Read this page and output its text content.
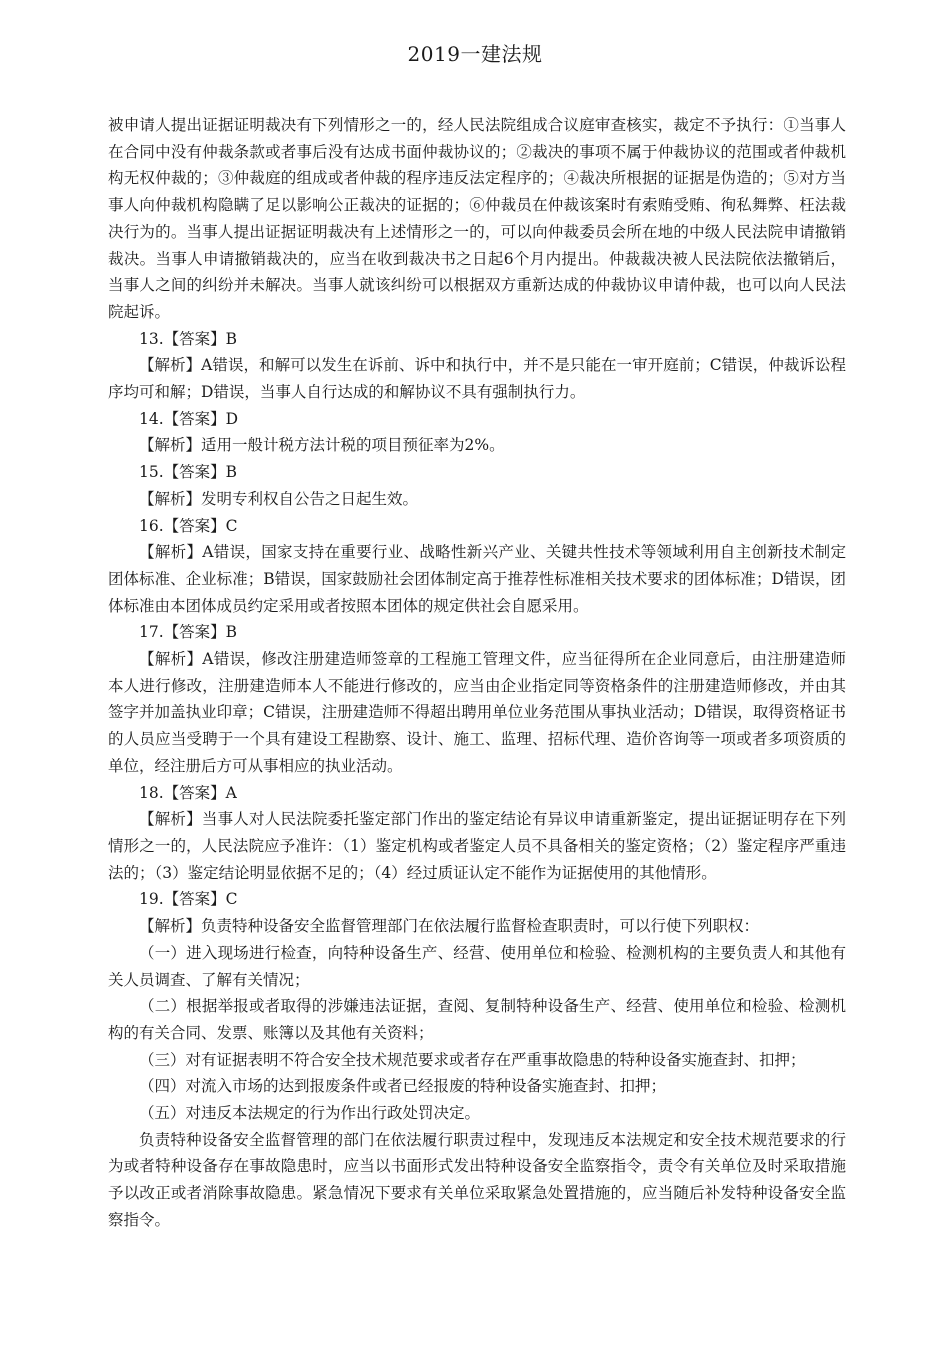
2019一建法规

被申请人提出证据证明裁决有下列情形之一的，经人民法院组成合议庭审查核实，裁定不予执行：①当事人在合同中没有仲裁条款或者事后没有达成书面仲裁协议的；②裁决的事项不属于仲裁协议的范围或者仲裁机构无权仲裁的；③仲裁庭的组成或者仲裁的程序违反法定程序的；④裁决所根据的证据是伪造的；⑤对方当事人向仲裁机构隐瞒了足以影响公正裁决的证据的；⑥仲裁员在仲裁该案时有索贿受贿、徇私舞弊、枉法裁决行为的。当事人提出证据证明裁决有上述情形之一的，可以向仲裁委员会所在地的中级人民法院申请撤销裁决。当事人申请撤销裁决的，应当在收到裁决书之日起6个月内提出。仲裁裁决被人民法院依法撤销后，当事人之间的纠纷并未解决。当事人就该纠纷可以根据双方重新达成的仲裁协议申请仲裁，也可以向人民法院起诉。

13.【答案】B

【解析】A错误，和解可以发生在诉前、诉中和执行中，并不是只能在一审开庭前；C错误，仲裁诉讼程序均可和解；D错误，当事人自行达成的和解协议不具有强制执行力。

14.【答案】D

【解析】适用一般计税方法计税的项目预征率为2%。

15.【答案】B

【解析】发明专利权自公告之日起生效。

16.【答案】C

【解析】A错误，国家支持在重要行业、战略性新兴产业、关键共性技术等领域利用自主创新技术制定团体标准、企业标准；B错误，国家鼓励社会团体制定高于推荐性标准相关技术要求的团体标准；D错误，团体标准由本团体成员约定采用或者按照本团体的规定供社会自愿采用。

17.【答案】B

【解析】A错误，修改注册建造师签章的工程施工管理文件，应当征得所在企业同意后，由注册建造师本人进行修改，注册建造师本人不能进行修改的，应当由企业指定同等资格条件的注册建造师修改，并由其签字并加盖执业印章；C错误，注册建造师不得超出聘用单位业务范围从事执业活动；D错误，取得资格证书的人员应当受聘于一个具有建设工程勘察、设计、施工、监理、招标代理、造价咨询等一项或者多项资质的单位，经注册后方可从事相应的执业活动。

18.【答案】A

【解析】当事人对人民法院委托鉴定部门作出的鉴定结论有异议申请重新鉴定，提出证据证明存在下列情形之一的，人民法院应予准许：（1）鉴定机构或者鉴定人员不具备相关的鉴定资格；（2）鉴定程序严重违法的；（3）鉴定结论明显依据不足的；（4）经过质证认定不能作为证据使用的其他情形。

19.【答案】C

【解析】负责特种设备安全监督管理部门在依法履行监督检查职责时，可以行使下列职权：

（一）进入现场进行检查，向特种设备生产、经营、使用单位和检验、检测机构的主要负责人和其他有关人员调查、了解有关情况；

（二）根据举报或者取得的涉嫌违法证据，查阅、复制特种设备生产、经营、使用单位和检验、检测机构的有关合同、发票、账簿以及其他有关资料；

（三）对有证据表明不符合安全技术规范要求或者存在严重事故隐患的特种设备实施查封、扣押；

（四）对流入市场的达到报废条件或者已经报废的特种设备实施查封、扣押；

（五）对违反本法规定的行为作出行政处罚决定。

负责特种设备安全监督管理的部门在依法履行职责过程中，发现违反本法规定和安全技术规范要求的行为或者特种设备存在事故隐患时，应当以书面形式发出特种设备安全监察指令，责令有关单位及时采取措施予以改正或者消除事故隐患。紧急情况下要求有关单位采取紧急处置措施的，应当随后补发特种设备安全监察指令。
